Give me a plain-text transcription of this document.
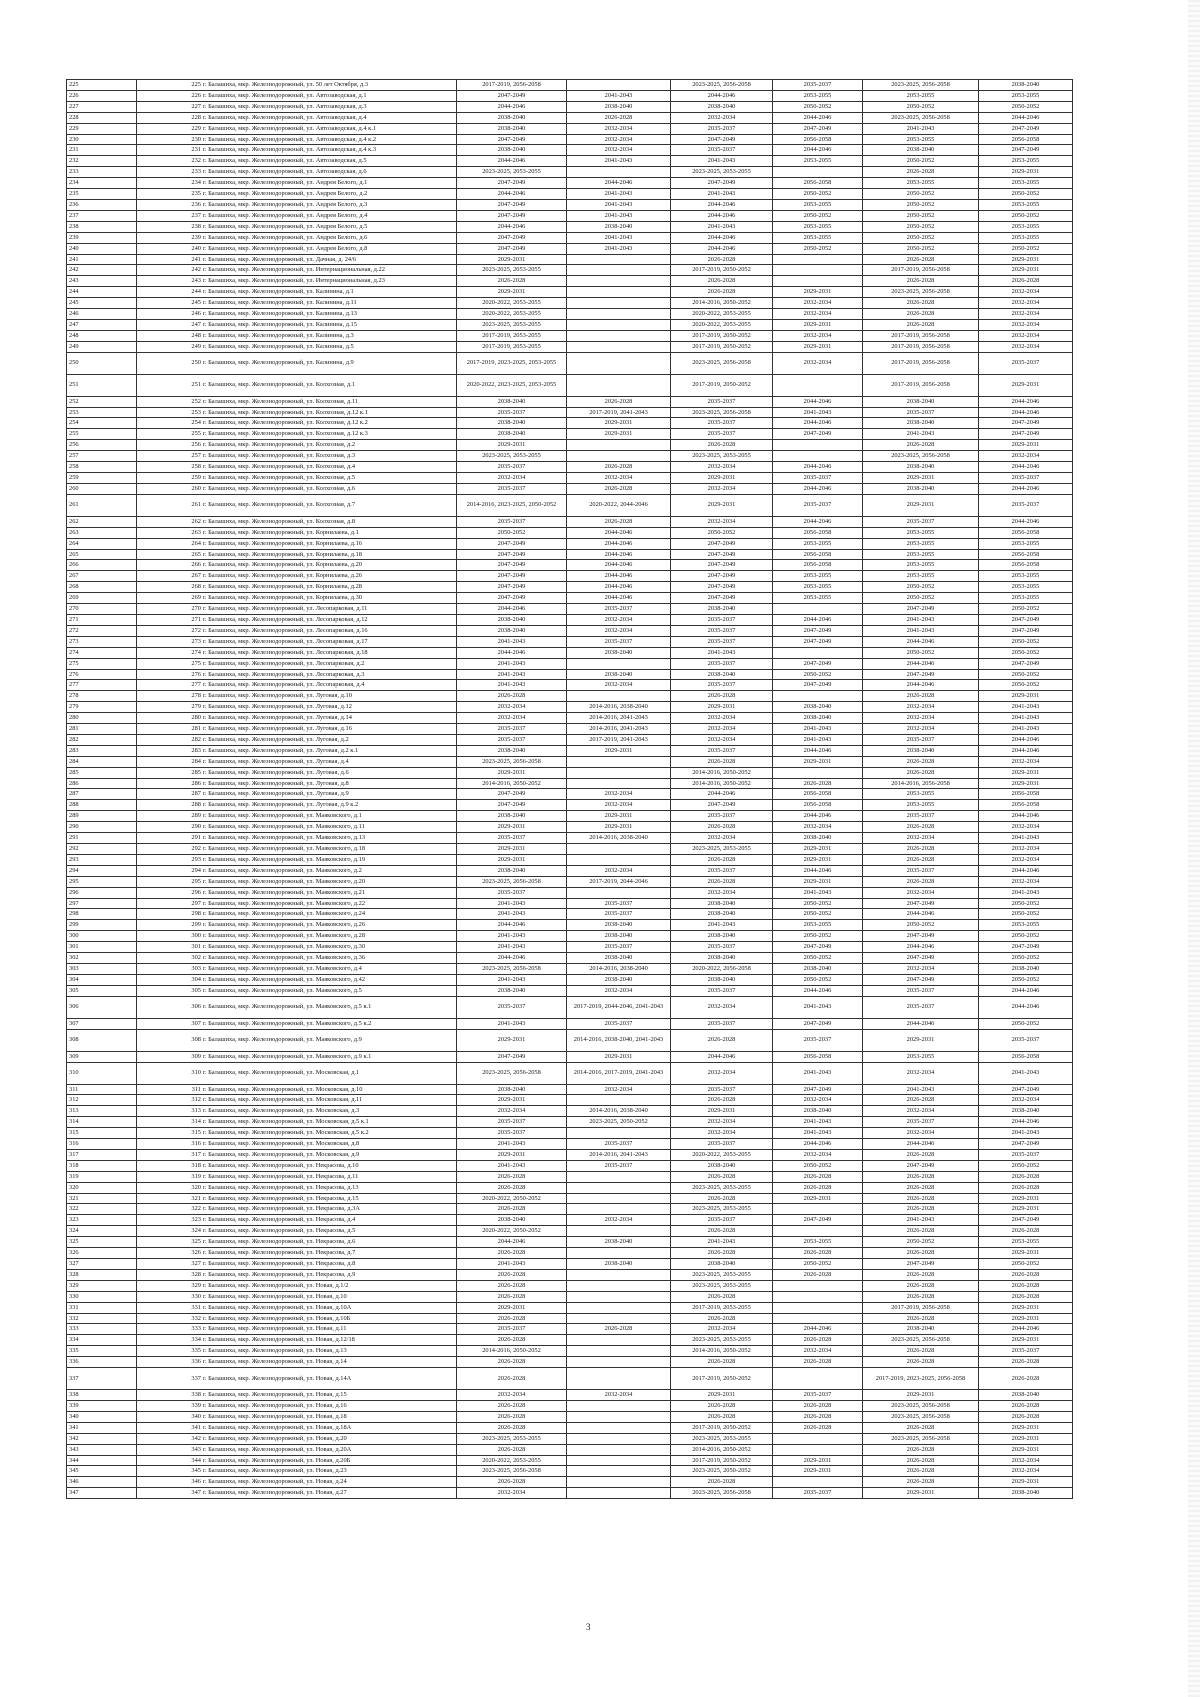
225	225 г. Балашиха, мкр. Железнодорожный, ул. 50 лет Октября, д.3	2017-2019, 2056-2058		2023-2025, 2056-2058	2035-2037	2023-2025, 2056-2058	2038-2040
226	226 г. Балашиха, мкр. Железнодорожный, ул. Автозаводская, д.1	2047-2049	2041-2043	2044-2046	2053-2055	2053-2055	2053-2055
227	227 г. Балашиха, мкр. Железнодорожный, ул. Автозаводская, д.3	2044-2046	2038-2040	2038-2040	2050-2052	2050-2052	2050-2052
228	228 г. Балашиха, мкр. Железнодорожный, ул. Автозаводская, д.4	2038-2040	2026-2028	2032-2034	2044-2046	2023-2025, 2056-2058	2044-2046
229	229 г. Балашиха, мкр. Железнодорожный, ул. Автозаводская, д.4 к.1	2038-2040	2032-2034	2035-2037	2047-2049	2041-2043	2047-2049
230	230 г. Балашиха, мкр. Железнодорожный, ул. Автозаводская, д.4 к.2	2047-2049	2032-2034	2047-2049	2056-2058	2053-2055	2056-2058
231	231 г. Балашиха, мкр. Железнодорожный, ул. Автозаводская, д.4 к.3	2038-2040	2032-2034	2035-2037	2044-2046	2038-2040	2047-2049
232	232 г. Балашиха, мкр. Железнодорожный, ул. Автозаводская, д.5	2044-2046	2041-2043	2041-2043	2053-2055	2050-2052	2053-2055
233	233 г. Балашиха, мкр. Железнодорожный, ул. Автозаводская, д.6	2023-2025, 2053-2055		2023-2025, 2053-2055		2026-2028	2029-2031
234	234 г. Балашиха, мкр. Железнодорожный, ул. Андрея Белого, д.1	2047-2049	2044-2046	2047-2049	2056-2058	2053-2055	2053-2055
235	235 г. Балашиха, мкр. Железнодорожный, ул. Андрея Белого, д.2	2044-2046	2041-2043	2041-2043	2050-2052	2050-2052	2050-2052
236	236 г. Балашиха, мкр. Железнодорожный, ул. Андрея Белого, д.3	2047-2049	2041-2043	2044-2046	2053-2055	2050-2052	2053-2055
237	237 г. Балашиха, мкр. Железнодорожный, ул. Андрея Белого, д.4	2047-2049	2041-2043	2044-2046	2050-2052	2050-2052	2050-2052
238	238 г. Балашиха, мкр. Железнодорожный, ул. Андрея Белого, д.5	2044-2046	2038-2040	2041-2043	2053-2055	2050-2052	2053-2055
239	239 г. Балашиха, мкр. Железнодорожный, ул. Андрея Белого, д.6	2047-2049	2041-2043	2044-2046	2053-2055	2050-2052	2053-2055
240	240 г. Балашиха, мкр. Железнодорожный, ул. Андрея Белого, д.8	2047-2049	2041-2043	2044-2046	2050-2052	2050-2052	2050-2052
241	241 г. Балашиха, мкр. Железнодорожный, ул. Дачная, д. 24/6	2029-2031		2026-2028		2026-2028	2029-2031
242	242 г. Балашиха, мкр. Железнодорожный, ул. Интернациональная, д.22	2023-2025, 2053-2055		2017-2019, 2050-2052		2017-2019, 2056-2058	2029-2031
243	243 г. Балашиха, мкр. Железнодорожный, ул. Интернациональная, д.23	2026-2028		2026-2028		2026-2028	2026-2028
244	244 г. Балашиха, мкр. Железнодорожный, ул. Калинина, д.1	2029-2031		2026-2028	2029-2031	2023-2025, 2056-2058	2032-2034
245	245 г. Балашиха, мкр. Железнодорожный, ул. Калинина, д.11	2020-2022, 2053-2055		2014-2016, 2050-2052	2032-2034	2026-2028	2032-2034
246	246 г. Балашиха, мкр. Железнодорожный, ул. Калинина, д.13	2020-2022, 2053-2055		2020-2022, 2053-2055	2032-2034	2026-2028	2032-2034
247	247 г. Балашиха, мкр. Железнодорожный, ул. Калинина, д.15	2023-2025, 2053-2055		2020-2022, 2053-2055	2029-2031	2026-2028	2032-2034
248	248 г. Балашиха, мкр. Железнодорожный, ул. Калинина, д.3	2017-2019, 2053-2055		2017-2019, 2050-2052	2032-2034	2017-2019, 2056-2058	2032-2034
249	249 г. Балашиха, мкр. Железнодорожный, ул. Калинина, д.5	2017-2019, 2053-2055		2017-2019, 2050-2052	2029-2031	2017-2019, 2056-2058	2032-2034
250	250 г. Балашиха, мкр. Железнодорожный, ул. Калинина, д.9	2017-2019, 2023-2025, 2053-2055		2023-2025, 2056-2058	2032-2034	2017-2019, 2056-2058	2035-2037
251	251 г. Балашиха, мкр. Железнодорожный, ул. Колхозная, д.1	2020-2022, 2023-2025, 2053-2055		2017-2019, 2050-2052		2017-2019, 2056-2058	2029-2031
252	252 г. Балашиха, мкр. Железнодорожный, ул. Колхозная, д.11	2038-2040	2026-2028	2035-2037	2044-2046	2038-2040	2044-2046
253	253 г. Балашиха, мкр. Железнодорожный, ул. Колхозная, д.12 к.1	2035-2037	2017-2019, 2041-2043	2023-2025, 2056-2058	2041-2043	2035-2037	2044-2046
254	254 г. Балашиха, мкр. Железнодорожный, ул. Колхозная, д.12 к.2	2038-2040	2029-2031	2035-2037	2044-2046	2038-2040	2047-2049
255	255 г. Балашиха, мкр. Железнодорожный, ул. Колхозная, д.12 к.3	2038-2040	2029-2031	2035-2037	2047-2049	2041-2043	2047-2049
256	256 г. Балашиха, мкр. Железнодорожный, ул. Колхозная, д.2	2029-2031		2026-2028		2026-2028	2029-2031
257	257 г. Балашиха, мкр. Железнодорожный, ул. Колхозная, д.3	2023-2025, 2053-2055		2023-2025, 2053-2055		2023-2025, 2056-2058	2032-2034
258	258 г. Балашиха, мкр. Железнодорожный, ул. Колхозная, д.4	2035-2037	2026-2028	2032-2034	2044-2046	2038-2040	2044-2046
259	259 г. Балашиха, мкр. Железнодорожный, ул. Колхозная, д.5	2032-2034	2032-2034	2029-2031	2035-2037	2029-2031	2035-2037
260	260 г. Балашиха, мкр. Железнодорожный, ул. Колхозная, д.6	2035-2037	2026-2028	2032-2034	2044-2046	2038-2040	2044-2046
261	261 г. Балашиха, мкр. Железнодорожный, ул. Колхозная, д.7	2014-2016, 2023-2025, 2050-2052	2020-2022, 2044-2046	2029-2031	2035-2037	2029-2031	2035-2037
262	262 г. Балашиха, мкр. Железнодорожный, ул. Колхозная, д.8	2035-2037	2026-2028	2032-2034	2044-2046	2035-2037	2044-2046
263	263 г. Балашиха, мкр. Железнодорожный, ул. Корнилаева, д.1	2050-2052	2044-2046	2050-2052	2056-2058	2053-2055	2056-2058
264	264 г. Балашиха, мкр. Железнодорожный, ул. Корнилаева, д.16	2047-2049	2044-2046	2047-2049	2053-2055	2053-2055	2053-2055
265	265 г. Балашиха, мкр. Железнодорожный, ул. Корнилаева, д.18	2047-2049	2044-2046	2047-2049	2056-2058	2053-2055	2056-2058
266	266 г. Балашиха, мкр. Железнодорожный, ул. Корнилаева, д.20	2047-2049	2044-2046	2047-2049	2056-2058	2053-2055	2056-2058
267	267 г. Балашиха, мкр. Железнодорожный, ул. Корнилаева, д.26	2047-2049	2044-2046	2047-2049	2053-2055	2053-2055	2053-2055
268	268 г. Балашиха, мкр. Железнодорожный, ул. Корнилаева, д.28	2047-2049	2044-2046	2047-2049	2053-2055	2050-2052	2053-2055
269	269 г. Балашиха, мкр. Железнодорожный, ул. Корнилаева, д.30	2047-2049	2044-2046	2047-2049	2053-2055	2050-2052	2053-2055
270	270 г. Балашиха, мкр. Железнодорожный, ул. Лесопарковая, д.11	2044-2046	2035-2037	2038-2040		2047-2049	2050-2052
271	271 г. Балашиха, мкр. Железнодорожный, ул. Лесопарковая, д.12	2038-2040	2032-2034	2035-2037	2044-2046	2041-2043	2047-2049
272	272 г. Балашиха, мкр. Железнодорожный, ул. Лесопарковая, д.16	2038-2040	2032-2034	2035-2037	2047-2049	2041-2043	2047-2049
273	273 г. Балашиха, мкр. Железнодорожный, ул. Лесопарковая, д.17	2041-2043	2035-2037	2035-2037	2047-2049	2044-2046	2050-2052
274	274 г. Балашиха, мкр. Железнодорожный, ул. Лесопарковая, д.18	2044-2046	2038-2040	2041-2043		2050-2052	2050-2052
275	275 г. Балашиха, мкр. Железнодорожный, ул. Лесопарковая, д.2	2041-2043		2035-2037	2047-2049	2044-2046	2047-2049
276	276 г. Балашиха, мкр. Железнодорожный, ул. Лесопарковая, д.3	2041-2043	2038-2040	2038-2040	2050-2052	2047-2049	2050-2052
277	277 г. Балашиха, мкр. Железнодорожный, ул. Лесопарковая, д.4	2041-2043	2032-2034	2035-2037	2047-2049	2044-2046	2050-2052
278	278 г. Балашиха, мкр. Железнодорожный, ул. Луговая, д.10	2026-2028		2026-2028		2026-2028	2029-2031
279	279 г. Балашиха, мкр. Железнодорожный, ул. Луговая, д.12	2032-2034	2014-2016, 2038-2040	2029-2031	2038-2040	2032-2034	2041-2043
280	280 г. Балашиха, мкр. Железнодорожный, ул. Луговая, д.14	2032-2034	2014-2016, 2041-2043	2032-2034	2038-2040	2032-2034	2041-2043
281	281 г. Балашиха, мкр. Железнодорожный, ул. Луговая, д.16	2035-2037	2014-2016, 2041-2043	2032-2034	2041-2043	2032-2034	2041-2043
282	282 г. Балашиха, мкр. Железнодорожный, ул. Луговая, д.2	2035-2037	2017-2019, 2041-2043	2032-2034	2041-2043	2035-2037	2044-2046
283	283 г. Балашиха, мкр. Железнодорожный, ул. Луговая, д.2 к.1	2038-2040	2029-2031	2035-2037	2044-2046	2038-2040	2044-2046
284	284 г. Балашиха, мкр. Железнодорожный, ул. Луговая, д.4	2023-2025, 2056-2058		2026-2028	2029-2031	2026-2028	2032-2034
285	285 г. Балашиха, мкр. Железнодорожный, ул. Луговая, д.6	2029-2031		2014-2016, 2050-2052		2026-2028	2029-2031
286	286 г. Балашиха, мкр. Железнодорожный, ул. Луговая, д.8	2014-2016, 2050-2052		2014-2016, 2050-2052	2026-2028	2014-2016, 2056-2058	2029-2031
287	287 г. Балашиха, мкр. Железнодорожный, ул. Луговая, д.9	2047-2049	2032-2034	2044-2046	2056-2058	2053-2055	2056-2058
288	288 г. Балашиха, мкр. Железнодорожный, ул. Луговая, д.9 к.2	2047-2049	2032-2034	2047-2049	2056-2058	2053-2055	2056-2058
289	289 г. Балашиха, мкр. Железнодорожный, ул. Маяковского, д.1	2038-2040	2029-2031	2035-2037	2044-2046	2035-2037	2044-2046
290	290 г. Балашиха, мкр. Железнодорожный, ул. Маяковского, д.11	2029-2031	2029-2031	2026-2028	2032-2034	2026-2028	2032-2034
291	291 г. Балашиха, мкр. Железнодорожный, ул. Маяковского, д.13	2035-2037	2014-2016, 2038-2040	2032-2034	2038-2040	2032-2034	2041-2043
292	292 г. Балашиха, мкр. Железнодорожный, ул. Маяковского, д.18	2029-2031		2023-2025, 2053-2055	2029-2031	2026-2028	2032-2034
293	293 г. Балашиха, мкр. Железнодорожный, ул. Маяковского, д.19	2029-2031		2026-2028	2029-2031	2026-2028	2032-2034
294	294 г. Балашиха, мкр. Железнодорожный, ул. Маяковского, д.2	2038-2040	2032-2034	2035-2037	2044-2046	2035-2037	2044-2046
295	295 г. Балашиха, мкр. Железнодорожный, ул. Маяковского, д.20	2023-2025, 2056-2058	2017-2019, 2044-2046	2026-2028	2029-2031	2026-2028	2032-2034
296	296 г. Балашиха, мкр. Железнодорожный, ул. Маяковского, д.21	2035-2037		2032-2034	2041-2043	2032-2034	2041-2043
297	297 г. Балашиха, мкр. Железнодорожный, ул. Маяковского, д.22	2041-2043	2035-2037	2038-2040	2050-2052	2047-2049	2050-2052
298	298 г. Балашиха, мкр. Железнодорожный, ул. Маяковского, д.24	2041-2043	2035-2037	2038-2040	2050-2052	2044-2046	2050-2052
299	299 г. Балашиха, мкр. Железнодорожный, ул. Маяковского, д.26	2044-2046	2038-2040	2041-2043	2053-2055	2050-2052	2053-2055
300	300 г. Балашиха, мкр. Железнодорожный, ул. Маяковского, д.28	2041-2043	2038-2040	2038-2040	2050-2052	2047-2049	2050-2052
301	301 г. Балашиха, мкр. Железнодорожный, ул. Маяковского, д.30	2041-2043	2035-2037	2035-2037	2047-2049	2044-2046	2047-2049
302	302 г. Балашиха, мкр. Железнодорожный, ул. Маяковского, д.36	2044-2046	2038-2040	2038-2040	2050-2052	2047-2049	2050-2052
303	303 г. Балашиха, мкр. Железнодорожный, ул. Маяковского, д.4	2023-2025, 2056-2058	2014-2016, 2038-2040	2020-2022, 2056-2058	2038-2040	2032-2034	2038-2040
304	304 г. Балашиха, мкр. Железнодорожный, ул. Маяковского, д.42	2041-2043	2038-2040	2038-2040	2050-2052	2047-2049	2050-2052
305	305 г. Балашиха, мкр. Железнодорожный, ул. Маяковского, д.5	2038-2040	2032-2034	2035-2037	2044-2046	2035-2037	2044-2046
306	306 г. Балашиха, мкр. Железнодорожный, ул. Маяковского, д.5 к.1	2035-2037	2017-2019, 2044-2046, 2041-2043	2032-2034	2041-2043	2035-2037	2044-2046
307	307 г. Балашиха, мкр. Железнодорожный, ул. Маяковского, д.5 к.2	2041-2043	2035-2037	2035-2037	2047-2049	2044-2046	2050-2052
308	308 г. Балашиха, мкр. Железнодорожный, ул. Маяковского, д.9	2029-2031	2014-2016, 2038-2040, 2041-2043	2026-2028	2035-2037	2029-2031	2035-2037
309	309 г. Балашиха, мкр. Железнодорожный, ул. Маяковского, д.9 к.1	2047-2049	2029-2031	2044-2046	2056-2058	2053-2055	2056-2058
310	310 г. Балашиха, мкр. Железнодорожный, ул. Московская, д.1	2023-2025, 2056-2058	2014-2016, 2017-2019, 2041-2043	2032-2034	2041-2043	2032-2034	2041-2043
311	311 г. Балашиха, мкр. Железнодорожный, ул. Московская, д.10	2038-2040	2032-2034	2035-2037	2047-2049	2041-2043	2047-2049
312	312 г. Балашиха, мкр. Железнодорожный, ул. Московская, д.11	2029-2031		2026-2028	2032-2034	2026-2028	2032-2034
313	313 г. Балашиха, мкр. Железнодорожный, ул. Московская, д.3	2032-2034	2014-2016, 2038-2040	2029-2031	2038-2040	2032-2034	2038-2040
314	314 г. Балашиха, мкр. Железнодорожный, ул. Московская, д.5 к.1	2035-2037	2023-2025, 2050-2052	2032-2034	2041-2043	2035-2037	2044-2046
315	315 г. Балашиха, мкр. Железнодорожный, ул. Московская, д.5 к.2	2035-2037		2032-2034	2041-2043	2032-2034	2041-2043
316	316 г. Балашиха, мкр. Железнодорожный, ул. Московская, д.8	2041-2043	2035-2037	2035-2037	2044-2046	2044-2046	2047-2049
317	317 г. Балашиха, мкр. Железнодорожный, ул. Московская, д.9	2029-2031	2014-2016, 2041-2043	2020-2022, 2053-2055	2032-2034	2026-2028	2035-2037
318	318 г. Балашиха, мкр. Железнодорожный, ул. Некрасова, д.10	2041-2043	2035-2037	2038-2040	2050-2052	2047-2049	2050-2052
319	319 г. Балашиха, мкр. Железнодорожный, ул. Некрасова, д.11	2026-2028		2026-2028	2026-2028	2026-2028	2026-2028
320	320 г. Балашиха, мкр. Железнодорожный, ул. Некрасова, д.13	2026-2028		2023-2025, 2053-2055	2026-2028	2026-2028	2026-2028
321	321 г. Балашиха, мкр. Железнодорожный, ул. Некрасова, д.15	2020-2022, 2050-2052		2026-2028	2029-2031	2026-2028	2029-2031
322	322 г. Балашиха, мкр. Железнодорожный, ул. Некрасова, д.3А	2026-2028		2023-2025, 2053-2055		2026-2028	2029-2031
323	323 г. Балашиха, мкр. Железнодорожный, ул. Некрасова, д.4	2038-2040	2032-2034	2035-2037	2047-2049	2041-2043	2047-2049
324	324 г. Балашиха, мкр. Железнодорожный, ул. Некрасова, д.5	2020-2022, 2050-2052		2026-2028		2026-2028	2026-2028
325	325 г. Балашиха, мкр. Железнодорожный, ул. Некрасова, д.6	2044-2046	2038-2040	2041-2043	2053-2055	2050-2052	2053-2055
326	326 г. Балашиха, мкр. Железнодорожный, ул. Некрасова, д.7	2026-2028		2026-2028	2026-2028	2026-2028	2029-2031
327	327 г. Балашиха, мкр. Железнодорожный, ул. Некрасова, д.8	2041-2043	2038-2040	2038-2040	2050-2052	2047-2049	2050-2052
328	328 г. Балашиха, мкр. Железнодорожный, ул. Некрасова, д.9	2026-2028		2023-2025, 2053-2055	2026-2028	2026-2028	2026-2028
329	329 г. Балашиха, мкр. Железнодорожный, ул. Новая, д.1/2	2026-2028		2023-2025, 2053-2055		2026-2028	2026-2028
330	330 г. Балашиха, мкр. Железнодорожный, ул. Новая, д.10	2026-2028		2026-2028		2026-2028	2026-2028
331	331 г. Балашиха, мкр. Железнодорожный, ул. Новая, д.10А	2029-2031		2017-2019, 2053-2055		2017-2019, 2056-2058	2029-2031
332	332 г. Балашиха, мкр. Железнодорожный, ул. Новая, д.10Б	2026-2028		2026-2028		2026-2028	2029-2031
333	333 г. Балашиха, мкр. Железнодорожный, ул. Новая, д.11	2035-2037	2026-2028	2032-2034	2044-2046	2038-2040	2044-2046
334	334 г. Балашиха, мкр. Железнодорожный, ул. Новая, д.12/18	2026-2028		2023-2025, 2053-2055	2026-2028	2023-2025, 2056-2058	2029-2031
335	335 г. Балашиха, мкр. Железнодорожный, ул. Новая, д.13	2014-2016, 2050-2052		2014-2016, 2050-2052	2032-2034	2026-2028	2035-2037
336	336 г. Балашиха, мкр. Железнодорожный, ул. Новая, д.14	2026-2028		2026-2028	2026-2028	2026-2028	2026-2028
337	337 г. Балашиха, мкр. Железнодорожный, ул. Новая, д.14А	2026-2028		2017-2019, 2050-2052		2017-2019, 2023-2025, 2056-2058	2026-2028
338	338 г. Балашиха, мкр. Железнодорожный, ул. Новая, д.15	2032-2034	2032-2034	2029-2031	2035-2037	2029-2031	2038-2040
339	339 г. Балашиха, мкр. Железнодорожный, ул. Новая, д.16	2026-2028		2026-2028	2026-2028	2023-2025, 2056-2058	2026-2028
340	340 г. Балашиха, мкр. Железнодорожный, ул. Новая, д.18	2026-2028		2026-2028	2026-2028	2023-2025, 2056-2058	2026-2028
341	341 г. Балашиха, мкр. Железнодорожный, ул. Новая, д.18А	2026-2028		2017-2019, 2050-2052	2026-2028	2026-2028	2029-2031
342	342 г. Балашиха, мкр. Железнодорожный, ул. Новая, д.20	2023-2025, 2053-2055		2023-2025, 2053-2055		2023-2025, 2056-2058	2029-2031
343	343 г. Балашиха, мкр. Железнодорожный, ул. Новая, д.20А	2026-2028		2014-2016, 2050-2052		2026-2028	2029-2031
344	344 г. Балашиха, мкр. Железнодорожный, ул. Новая, д.20Б	2020-2022, 2053-2055		2017-2019, 2050-2052	2029-2031	2026-2028	2032-2034
345	345 г. Балашиха, мкр. Железнодорожный, ул. Новая, д.23	2023-2025, 2056-2058		2023-2025, 2050-2052	2029-2031	2026-2028	2032-2034
346	346 г. Балашиха, мкр. Железнодорожный, ул. Новая, д.24	2026-2028		2026-2028		2026-2028	2029-2031
347	347 г. Балашиха, мкр. Железнодорожный, ул. Новая, д.27	2032-2034		2023-2025, 2056-2058	2035-2037	2029-2031	2038-2040
3
